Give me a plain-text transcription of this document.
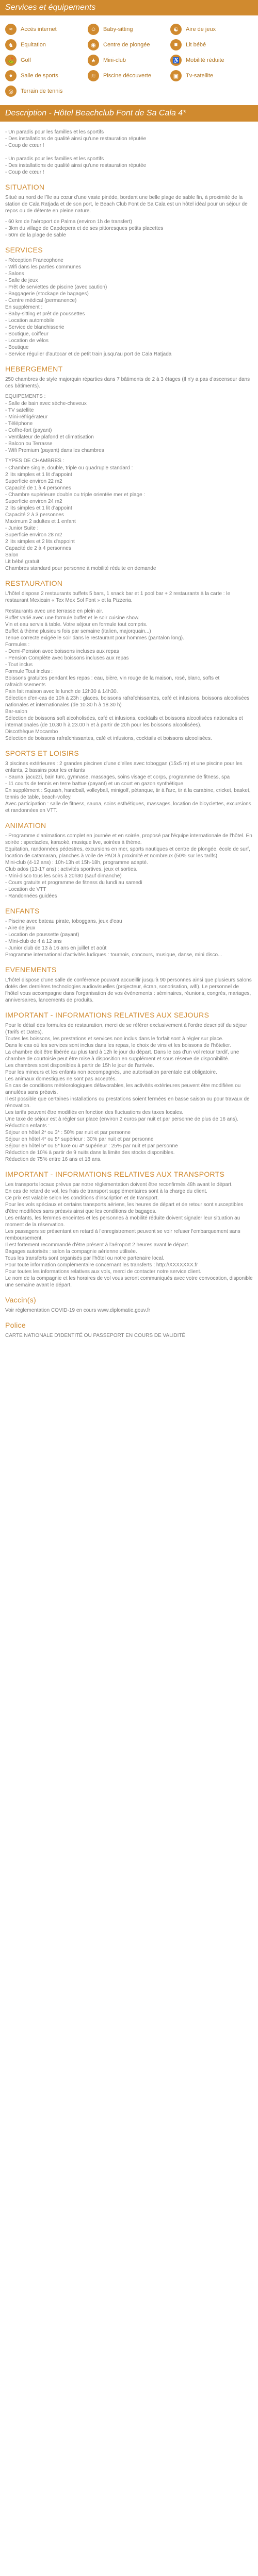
Services et équipements
≈	Accès internet	☺	Baby-sitting	☯	Aire de jeux
♞	Equitation	◉	Centre de plongée	■	Lit bébé
⛳	Golf	★	Mini-club	♿	Mobilité réduite
●	Salle de sports	≋	Piscine découverte	▣	Tv-satellite
◎	Terrain de tennis
Description - Hôtel Beachclub Font de Sa Cala 4*
- Un paradis pour les familles et les sportifs
- Des installations de qualité ainsi qu'une restauration réputée
- Coup de cœur !

- Un paradis pour les familles et les sportifs
- Des installations de qualité ainsi qu'une restauration réputée
- Coup de cœur !
SITUATION

Situé au nord de l'île au cœur d'une vaste pinède, bordant une belle plage de sable fin, à proximité de la station de Cala Ratjada et de son port, le Beach Club Font de Sa Cala est un hôtel idéal pour un séjour de repos ou de détente en pleine nature.

- 60 km de l'aéroport de Palma (environ 1h de transfert)
- 3km du village de Capdepera et de ses pittoresques petits placettes
- 50m de la plage de sable
SERVICES
- Réception Francophone
- Wifi dans les parties communes
- Salons
- Salle de jeux
- Prêt de serviettes de piscine (avec caution)
- Baggagerie (stockage de bagages)
- Centre médical (permanence)
En supplément :
- Baby-sitting et prêt de poussettes
- Location automobile
- Service de blanchisserie
- Boutique, coiffeur
- Location de vélos
- Boutique
- Service régulier d'autocar et de petit train jusqu'au port de Cala Ratjada
HEBERGEMENT

250 chambres de style majorquin réparties dans 7 bâtiments de 2 à 3 étages (Il n'y a pas d'ascenseur dans ces bâtiments).

EQUIPEMENTS :
- Salle de bain avec sèche-cheveux
- TV satellite
- Mini-réfrigérateur
- Téléphone
- Coffre-fort (payant)
- Ventilateur de plafond et climatisation
- Balcon ou Terrasse
- Wifi Premium (payant) dans les chambres
TYPES DE CHAMBRES :
- Chambre single, double, triple ou quadruple standard :
2 lits simples et 1 lit d'appoint
Superficie environ 22 m2
Capacité de 1 à 4 personnes
- Chambre supérieure double ou triple orientée mer et plage :
Superficie environ 24 m2
2 lits simples et 1 lit d'appoint
Capacité 2 à 3 personnes
Maximum 2 adultes et 1 enfant
- Junior Suite :
Superficie environ 28 m2
2 lits simples et 2 lits d'appoint
Capacité de 2 à 4 personnes
Salon
Lit bébé gratuit
Chambres standard pour personne à mobilité réduite en demande
RESTAURATION

L'hôtel dispose 2 restaurants buffets 5 bars, 1 snack bar et 1 pool bar + 2 restaurants à la carte : le restaurant Mexicain « Tex Mex Sol Font » et la Pizzeria.

Restaurants avec une terrasse en plein air.
Buffet varié avec une formule buffet et le soir cuisine show.
Vin et eau servis à table. Votre séjour en formule tout compris.
Buffet à thème plusieurs fois par semaine (italien, majorquain...)
Tenue correcte exigée le soir dans le restaurant pour hommes (pantalon long).
Formules :
- Demi-Pension avec boissons incluses aux repas
- Pension Complète avec boissons incluses aux repas
- Tout inclus
Formule Tout inclus :
Boissons gratuites pendant les repas : eau, bière, vin rouge de la maison, rosé, blanc, softs et rafraichissements
Pain fait maison avec le lunch de 12h30 à 14h30.
Sélection d'en-cas de 10h à 23h : glaces, boissons rafraîchissantes, café et infusions, boissons alcoolisées nationales et internationales (de 10.30 h à 18.30 h)
Bar-salon
Sélection de boissons soft alcoholisées, café et infusions, cocktails et boissons alcoolisées nationales et internationales (de 10.30 h à 23.00 h et à partir de 20h pour les boissons alcoolisées).
Discothèque Mocambo
Sélection de boissons rafraîchissantes, café et infusions, cocktails et boissons alcoolisées.
SPORTS ET LOISIRS
3 piscines extérieures : 2 grandes piscines d'une d'elles avec toboggan (15x5 m) et une piscine pour les enfants, 2 bassins pour les enfants
- Sauna, jacuzzi, bain turc, gymnase, massages, soins visage et corps, programme de fitness, spa
- 11 courts de tennis en terre battue (payant) et un court en gazon synthétique
En supplément : Squash, handball, volleyball, minigolf, pétanque, tir à l'arc, tir à la carabine, cricket, basket, tennis de table, beach-volley.
Avec participation : salle de fitness, sauna, soins esthétiques, massages, location de bicyclettes, excursions et randonnées en VTT.
ANIMATION
- Programme d'animations complet en journée et en soirée, proposé par l'équipe internationale de l'hôtel. En soirée : spectacles, karaoké, musique live, soirées à thème.
Equitation, randonnées pédestres, excursions en mer, sports nautiques et centre de plongée, école de surf, location de catamaran, planches à voile de PADI à proximité et nombreux (50% sur les tarifs).
Mini-club (4-12 ans) : 10h-13h et 15h-18h, programme adapté.
Club ados (13-17 ans) : activités sportives, jeux et sorties.
- Mini-disco tous les soirs à 20h30 (sauf dimanche)
- Cours gratuits et programme de fitness du lundi au samedi
- Location de VTT
- Randonnées guidées
ENFANTS
- Piscine avec bateau pirate, toboggans, jeux d'eau
- Aire de jeux
- Location de poussette (payant)
- Mini-club de 4 à 12 ans
- Junior club de 13 à 16 ans en juillet et août
Programme international d'activités ludiques : tournois, concours, musique, danse, mini disco...
EVENEMENTS

L'hôtel dispose d'une salle de conférence pouvant accueillir jusqu'à 90 personnes ainsi que plusieurs salons dotés des dernières technologies audiovisuelles (projecteur, écran, sonorisation, wifi). Le personnel de l'hôtel vous accompagne dans l'organisation de vos évènements : séminaires, réunions, congrès, mariages, anniversaires, lancements de produits.

IMPORTANT - INFORMATIONS RELATIVES AUX SEJOURS
Pour le détail des formules de restauration, merci de se référer exclusivement à l'ordre descriptif du séjour (Tarifs et Dates).
Toutes les boissons, les prestations et services non inclus dans le forfait sont à régler sur place.
Dans le cas où les services sont inclus dans les repas, le choix de vins et les boissons de l'hôtelier.
La chambre doit être libérée au plus tard à 12h le jour du départ. Dans le cas d'un vol retour tardif, une chambre de courtoisie peut être mise à disposition en supplément et sous réserve de disponibilité.
Les chambres sont disponibles à partir de 15h le jour de l'arrivée.
Pour les mineurs et les enfants non accompagnés, une autorisation parentale est obligatoire.
Les animaux domestiques ne sont pas acceptés.
En cas de conditions météorologiques défavorables, les activités extérieures peuvent être modifiées ou annulées sans préavis.
Il est possible que certaines installations ou prestations soient fermées en basse saison ou pour travaux de rénovation.
Les tarifs peuvent être modifiés en fonction des fluctuations des taxes locales.
Une taxe de séjour est à régler sur place (environ 2 euros par nuit et par personne de plus de 16 ans).
Réduction enfants :
Séjour en hôtel 2* ou 3* : 50% par nuit et par personne
Séjour en hôtel 4* ou 5* supérieur : 30% par nuit et par personne
Séjour en hôtel 5* ou 5* luxe ou 4* supérieur : 25% par nuit et par personne
Réduction de 10% à partir de 9 nuits dans la limite des stocks disponibles.
Réduction de 75% entre 16 ans et 18 ans.
IMPORTANT - INFORMATIONS RELATIVES AUX TRANSPORTS
Les transports locaux prévus par notre réglementation doivent être reconfirmés 48h avant le départ.
En cas de retard de vol, les frais de transport supplémentaires sont à la charge du client.
Ce prix est valable selon les conditions d'inscription et de transport.
Pour les vols spéciaux et certains transports aériens, les heures de départ et de retour sont susceptibles d'être modifiées sans préavis ainsi que les conditions de bagages.
Les enfants, les femmes enceintes et les personnes à mobilité réduite doivent signaler leur situation au moment de la réservation.
Les passagers se présentant en retard à l'enregistrement peuvent se voir refuser l'embarquement sans remboursement.
Il est fortement recommandé d'être présent à l'aéroport 2 heures avant le départ.
Bagages autorisés : selon la compagnie aérienne utilisée.
Tous les transferts sont organisés par l'hôtel ou notre partenaire local.
Pour toute information complémentaire concernant les transferts : http://XXXXXXX.fr
Pour toutes les informations relatives aux vols, merci de contacter notre service client.
Le nom de la compagnie et les horaires de vol vous seront communiqués avec votre convocation, disponible une semaine avant le départ.
Vaccin(s)

Voir réglementation COVID-19 en cours www.diplomatie.gouv.fr

Police

CARTE NATIONALE D'IDENTITÉ OU PASSEPORT EN COURS DE VALIDITÉ
